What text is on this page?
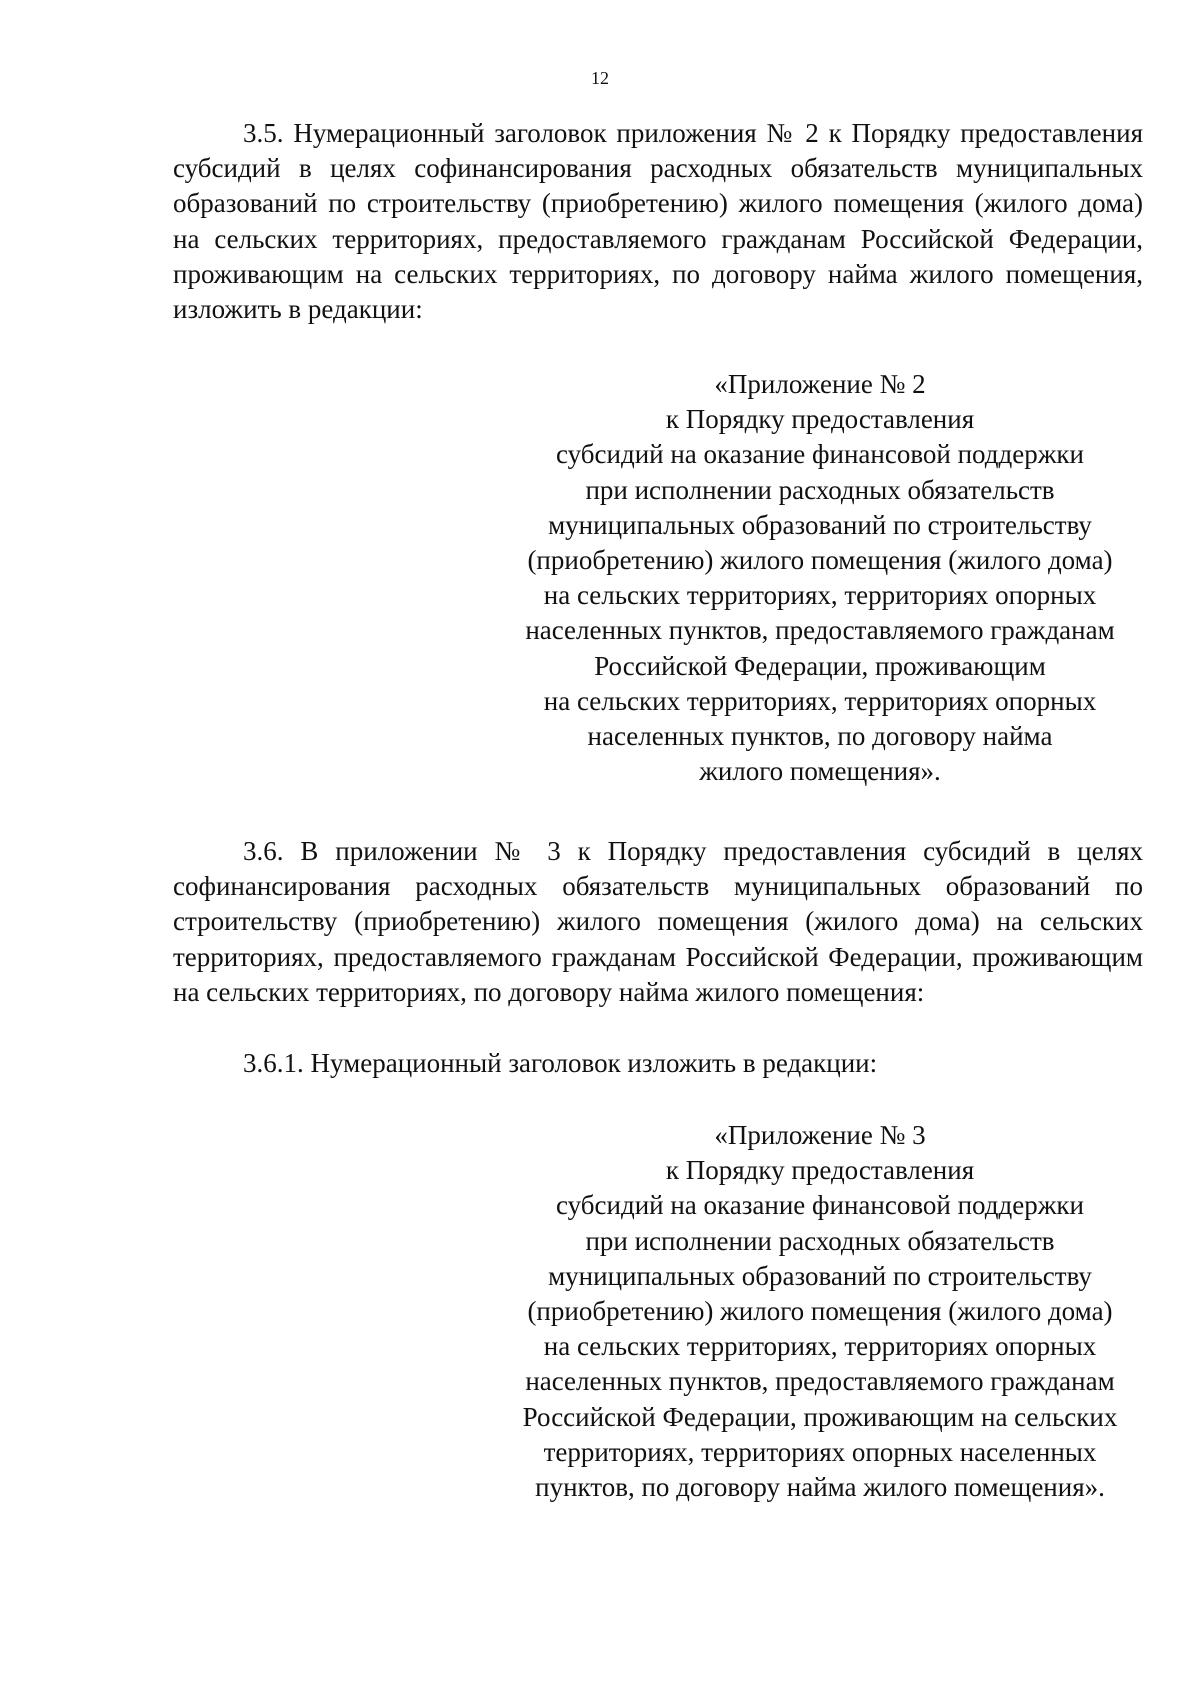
12

3.5. Нумерационный заголовок приложения № 2 к Порядку предоставления субсидий в целях софинансирования расходных обязательств муниципальных образований по строительству (приобретению) жилого помещения (жилого дома) на сельских территориях, предоставляемого гражданам Российской Федерации, проживающим на сельских территориях, по договору найма жилого помещения, изложить в редакции:

«Приложение № 2
к Порядку предоставления
субсидий на оказание финансовой поддержки
при исполнении расходных обязательств
муниципальных образований по строительству
(приобретению) жилого помещения (жилого дома)
на сельских территориях, территориях опорных
населенных пунктов, предоставляемого гражданам
Российской Федерации, проживающим
на сельских территориях, территориях опорных
населенных пунктов, по договору найма
жилого помещения».

3.6. В приложении № 3 к Порядку предоставления субсидий в целях софинансирования расходных обязательств муниципальных образований по строительству (приобретению) жилого помещения (жилого дома) на сельских территориях, предоставляемого гражданам Российской Федерации, проживающим на сельских территориях, по договору найма жилого помещения:

3.6.1. Нумерационный заголовок изложить в редакции:

«Приложение № 3
к Порядку предоставления
субсидий на оказание финансовой поддержки
при исполнении расходных обязательств
муниципальных образований по строительству
(приобретению) жилого помещения (жилого дома)
на сельских территориях, территориях опорных
населенных пунктов, предоставляемого гражданам
Российской Федерации, проживающим на сельских
территориях, территориях опорных населенных
пунктов, по договору найма жилого помещения».
